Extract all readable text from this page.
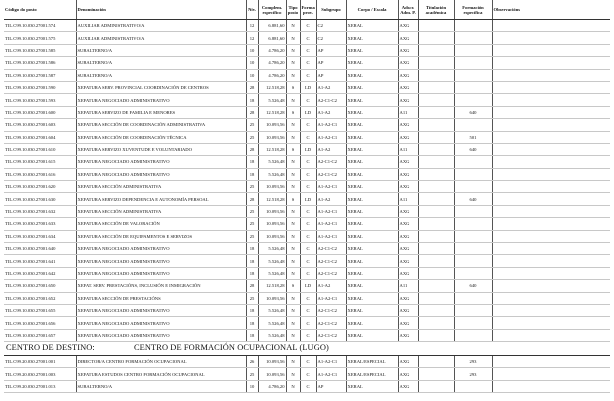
Código do posto	Denominación	Nív.	Complem. específico	Tipo posto	Forma prov.	Subgrupo	Corpo / Escala	Adscr. Adm. P.	Titulación académica	Formación específica	Observacións
TIL.C99.10.030.27001.574	AUXILIAR ADMINISTRATIVO/A	12	6.881,60	N	C	C2	XERAL	AXG			
TIL.C99.10.030.27001.575	AUXILIAR ADMINISTRATIVO/A	12	6.881,60	N	C	C2	XERAL	AXG			
TIL.C99.10.030.27001.585	SUBALTERNO/A	10	4.786,20	N	C	AP	XERAL	AXG			
TIL.C99.10.030.27001.586	SUBALTERNO/A	10	4.786,20	N	C	AP	XERAL	AXG			
TIL.C99.10.030.27001.587	SUBALTERNO/A	10	4.786,20	N	C	AP	XERAL	AXG			
TIL.C99.10.030.27001.590	XEFATURA SERV. PROVINCIAL COORDINACIÓN DE CENTROS	28	12.518,28	S	LD	A1-A2	XERAL	AXG			
TIL.C99.10.030.27001.593	XEFATURA NEGOCIADO ADMINISTRATIVO	18	5.526,48	N	C	A2-C1-C2	XERAL	AXG			
TIL.C99.10.030.27001.600	XEFATURA SERVIZO DE FAMILIA E MENORES	28	12.518,28	S	LD	A1-A2	XERAL	A11		640	
TIL.C99.10.030.27001.603	XEFATURA SECCIÓN DE COORDINACIÓN ADMINISTRATIVA	25	10.093,56	N	C	A1-A2-C1	XERAL	AXG			
TIL.C99.10.030.27001.604	XEFATURA SECCIÓN DE COORDINACIÓN TÉCNICA	25	10.093,56	N	C	A1-A2-C1	XERAL	AXG		501	
TIL.C99.10.030.27001.610	XEFATURA SERVIZO XUVENTUDE E VOLUNTARIADO	28	12.518,28	S	LD	A1-A2	XERAL	A11		640	
TIL.C99.10.030.27001.615	XEFATURA NEGOCIADO ADMINISTRATIVO	18	5.526,48	N	C	A2-C1-C2	XERAL	AXG			
TIL.C99.10.030.27001.616	XEFATURA NEGOCIADO ADMINISTRATIVO	18	5.526,48	N	C	A2-C1-C2	XERAL	AXG			
TIL.C99.10.030.27001.620	XEFATURA SECCIÓN ADMINISTRATIVA	25	10.093,56	N	C	A1-A2-C1	XERAL	AXG			
TIL.C99.10.030.27001.630	XEFATURA SERVIZO DEPENDENCIA E AUTONOMÍA PERSOAL	28	12.518,28	S	LD	A1-A2	XERAL	A11		640	
TIL.C99.10.030.27001.632	XEFATURA SECCIÓN ADMINISTRATIVA	25	10.093,56	N	C	A1-A2-C1	XERAL	AXG			
TIL.C99.10.030.27001.633	XEFATURA SECCIÓN DE VALORACIÓN	25	10.093,56	N	C	A1-A2-C1	XERAL	AXG			
TIL.C99.10.030.27001.634	XEFATURA SECCIÓN DE EQUIPAMENTOS E SERVIZOS	25	10.093,56	N	C	A1-A2-C1	XERAL	AXG			
TIL.C99.10.030.27001.640	XEFATURA NEGOCIADO ADMINISTRATIVO	18	5.526,48	N	C	A2-C1-C2	XERAL	AXG			
TIL.C99.10.030.27001.641	XEFATURA NEGOCIADO ADMINISTRATIVO	18	5.526,48	N	C	A2-C1-C2	XERAL	AXG			
TIL.C99.10.030.27001.642	XEFATURA NEGOCIADO ADMINISTRATIVO	18	5.526,48	N	C	A2-C1-C2	XERAL	AXG			
TIL.C99.10.030.27001.650	XEFAT. SERV. PRESTACIÓNS, INCLUSIÓN E INMIGRACIÓN	28	12.518,28	S	LD	A1-A2	XERAL	A11		640	
TIL.C99.10.030.27001.652	XEFATURA SECCIÓN DE PRESTACIÓNS	25	10.093,56	N	C	A1-A2-C1	XERAL	AXG			
TIL.C99.10.030.27001.655	XEFATURA NEGOCIADO ADMINISTRATIVO	18	5.526,48	N	C	A2-C1-C2	XERAL	AXG			
TIL.C99.10.030.27001.656	XEFATURA NEGOCIADO ADMINISTRATIVO	18	5.526,48	N	C	A2-C1-C2	XERAL	AXG			
TIL.C99.10.030.27001.657	XEFATURA NEGOCIADO ADMINISTRATIVO	18	5.526,48	N	C	A2-C1-C2	XERAL	AXG			
CENTRO DE DESTINO:	CENTRO DE FORMACIÓN OCUPACIONAL (LUGO)
TIL.C99.20.030.27001.001	DIRECTOR/A CENTRO FORMACIÓN OCUPACIONAL	26	10.093,56	N	C	A1-A2-C1	XERAL/ESPECIAL	AXG		293	
TIL.C99.20.030.27001.003	XEFATURA ESTUDOS CENTRO FORMACIÓN OCUPACIONAL	25	10.093,56	N	C	A1-A2-C1	XERAL/ESPECIAL	AXG		293	
TIL.C99.20.030.27001.013	SUBALTERNO/A	10	4.786,20	N	C	AP	XERAL	AXG			
